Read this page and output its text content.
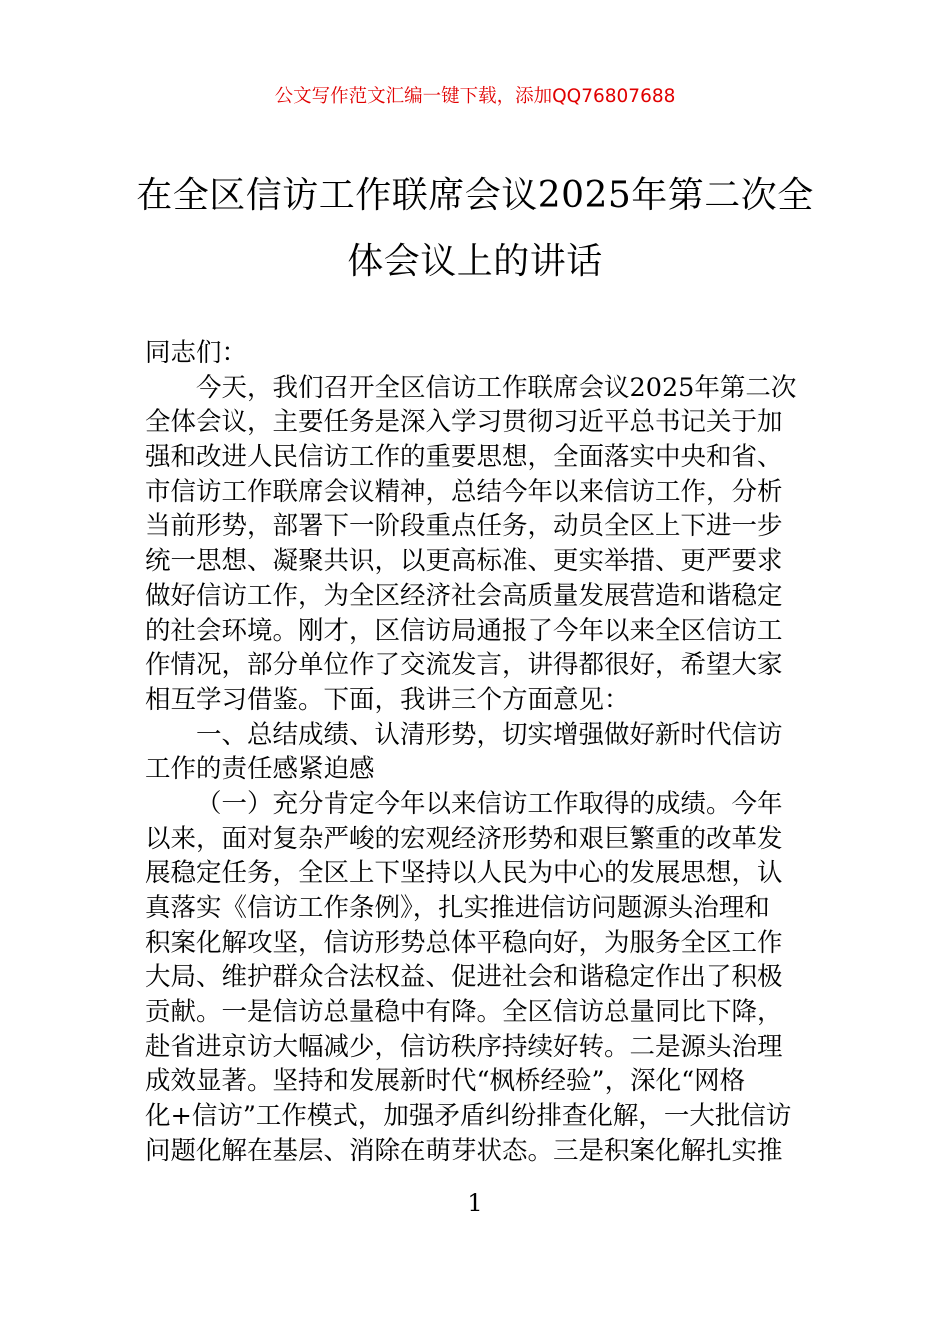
公文写作范文汇编一键下载，添加QQ76807688
在全区信访工作联席会议2025年第二次全
体会议上的讲话
同志们：
今天，我们召开全区信访工作联席会议2025年第二次
全体会议，主要任务是深入学习贯彻习近平总书记关于加
强和改进人民信访工作的重要思想，全面落实中央和省、
市信访工作联席会议精神，总结今年以来信访工作，分析
当前形势，部署下一阶段重点任务，动员全区上下进一步
统一思想、凝聚共识，以更高标准、更实举措、更严要求
做好信访工作，为全区经济社会高质量发展营造和谐稳定
的社会环境。刚才，区信访局通报了今年以来全区信访工
作情况，部分单位作了交流发言，讲得都很好，希望大家
相互学习借鉴。下面，我讲三个方面意见：
一、总结成绩、认清形势，切实增强做好新时代信访
工作的责任感紧迫感
（一）充分肯定今年以来信访工作取得的成绩。今年
以来，面对复杂严峻的宏观经济形势和艰巨繁重的改革发
展稳定任务，全区上下坚持以人民为中心的发展思想，认
真落实《信访工作条例》，扎实推进信访问题源头治理和
积案化解攻坚，信访形势总体平稳向好，为服务全区工作
大局、维护群众合法权益、促进社会和谐稳定作出了积极
贡献。一是信访总量稳中有降。全区信访总量同比下降，
赴省进京访大幅减少，信访秩序持续好转。二是源头治理
成效显著。坚持和发展新时代“枫桥经验”，深化“网格
化+信访”工作模式，加强矛盾纠纷排查化解，一大批信访
问题化解在基层、消除在萌芽状态。三是积案化解扎实推
1
